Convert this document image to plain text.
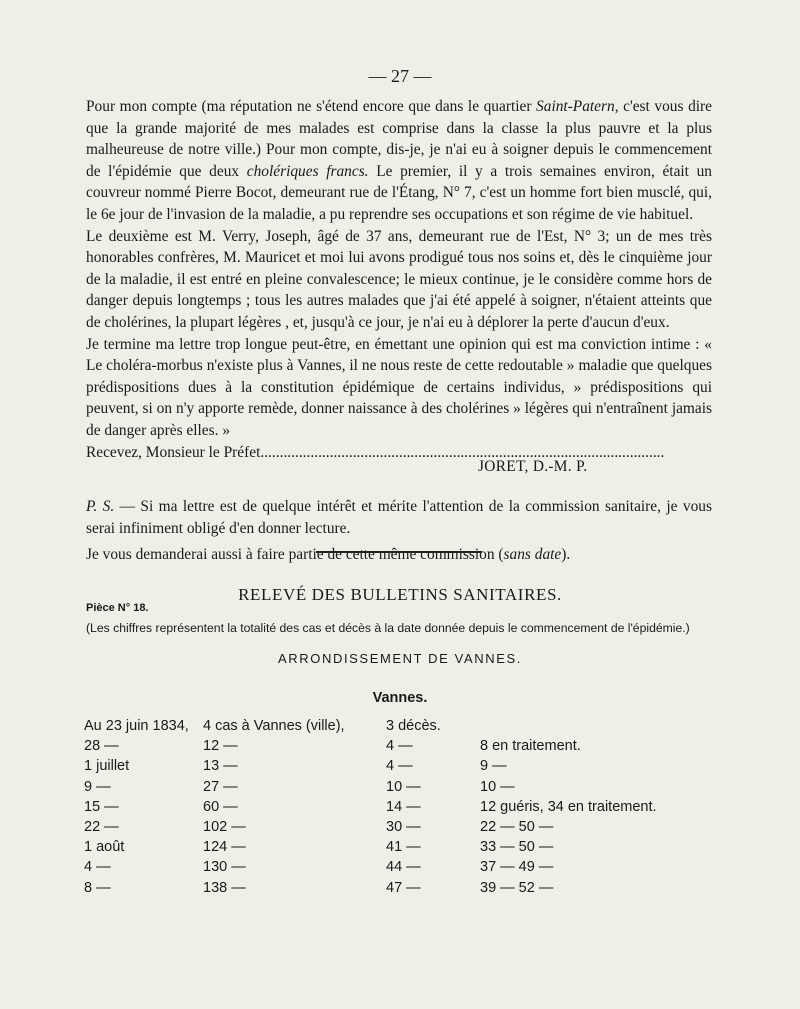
— 27 —

Pour mon compte (ma réputation ne s'étend encore que dans le quartier Saint-Patern, c'est vous dire que la grande majorité de mes malades est comprise dans la classe la plus pauvre et la plus malheureuse de notre ville.) Pour mon compte, dis-je, je n'ai eu à soigner depuis le commencement de l'épidémie que deux cholériques francs. Le premier, il y a trois semaines environ, était un couvreur nommé Pierre Bocot, demeurant rue de l'Étang, N° 7, c'est un homme fort bien musclé, qui, le 6e jour de l'invasion de la maladie, a pu reprendre ses occupations et son régime de vie habituel.

Le deuxième est M. Verry, Joseph, âgé de 37 ans, demeurant rue de l'Est, N° 3; un de mes très honorables confrères, M. Mauricet et moi lui avons prodigué tous nos soins et, dès le cinquième jour de la maladie, il est entré en pleine convalescence; le mieux continue, je le considère comme hors de danger depuis longtemps ; tous les autres malades que j'ai été appelé à soigner, n'étaient atteints que de cholérines, la plupart légères , et, jusqu'à ce jour, je n'ai eu à déplorer la perte d'aucun d'eux.

Je termine ma lettre trop longue peut-être, en émettant une opinion qui est ma conviction intime : « Le choléra-morbus n'existe plus à Vannes, il ne nous reste de cette redoutable » maladie que quelques prédispositions dues à la constitution épidémique de certains individus, » prédispositions qui peuvent, si on n'y apporte remède, donner naissance à des cholérines » légères qui n'entraînent jamais de danger après elles. »

Recevez, Monsieur le Préfet.........................................................................................................

JORET, D.-M. P.

P. S. — Si ma lettre est de quelque intérêt et mérite l'attention de la commission sanitaire, je vous serai infiniment obligé d'en donner lecture.

Je vous demanderai aussi à faire partie de cette même commission (sans date).

RELEVÉ DES BULLETINS SANITAIRES.
Pièce N° 18.
(Les chiffres représentent la totalité des cas et décès à la date donnée depuis le commencement de l'épidémie.)
ARRONDISSEMENT DE VANNES.
Vannes.
Au 23 juin 1834,	4 cas à Vannes (ville),	3 décès.	
28 —	12 —	4 —	8 en traitement.
1 juillet	13 —	4 —	9 —
9 —	27 —	10 —	10 —
15 —	60 —	14 —	12 guéris, 34 en traitement.
22 —	102 —	30 —	22 — 50 —
1 août	124 —	41 —	33 — 50 —
4 —	130 —	44 —	37 — 49 —
8 —	138 —	47 —	39 — 52 —
